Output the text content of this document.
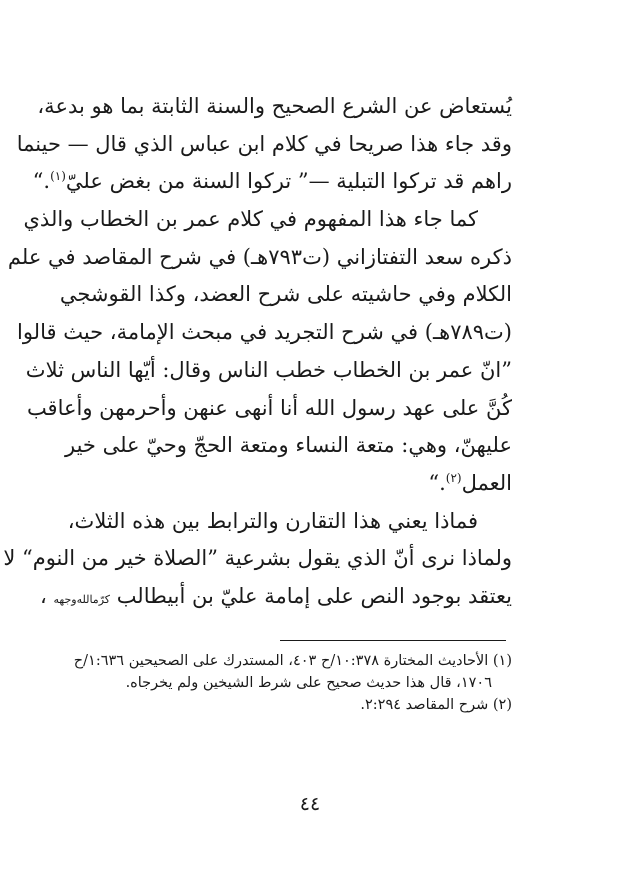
يُستعاض عن الشرع الصحيح والسنة الثابتة بما هو بدعة،
وقد جاء هذا صريحا في كلام ابن عباس الذي قال — حينما
راهم قد تركوا التبلية —” تركوا السنة من بغض عليّ$^{(١)}$.“
كما جاء هذا المفهوم في كلام عمر بن الخطاب والذي
ذكره سعد التفتازاني (ت٧٩٣هـ) في شرح المقاصد في علم
الكلام وفي حاشيته على شرح العضد، وكذا القوشجي
(ت٧٨٩هـ) في شرح التجريد في مبحث الإمامة، حيث قالوا
”انّ عمر بن الخطاب خطب الناس وقال: أيّها الناس ثلاث
كُنَّ على عهد رسول الله أنا أنهى عنهن وأحرمهن وأعاقب
عليهنّ، وهي: متعة النساء ومتعة الحجّ وحيّ على خير
العمل$^{(٢)}$.“
فماذا يعني هذا التقارن والترابط بين هذه الثلاث،
ولماذا نرى أنّ الذي يقول بشرعية ”الصلاة خير من النوم“ لا
يعتقد بوجود النص على إمامة عليّ بن أبيطالب كرّمالله‌وجهه ،
(١) الأحاديث المختارة ١٠:٣٧٨/ح ٤٠٣، المستدرك على الصحيحين ١:٦٣٦/ح
١٧٠٦، قال هذا حديث صحيح على شرط الشيخين ولم يخرجاه.
(٢) شرح المقاصد ٢:٢٩٤.
٤٤
